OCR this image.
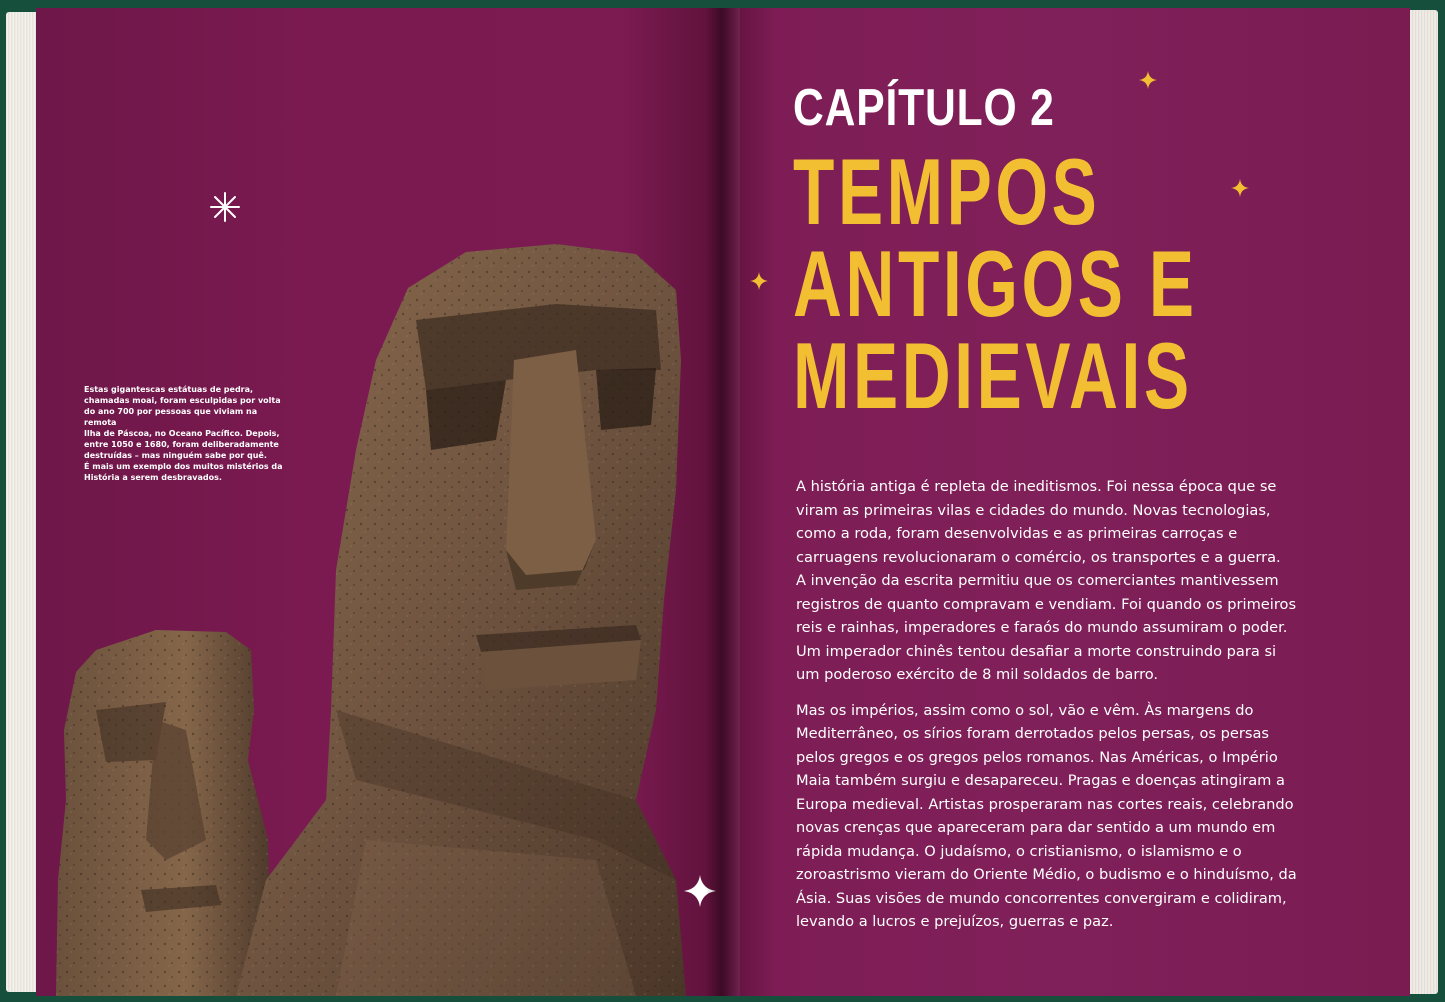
Estas gigantescas estátuas de pedra,
chamadas moai, foram esculpidas por volta
do ano 700 por pessoas que viviam na remota
Ilha de Páscoa, no Oceano Pacífico. Depois,
entre 1050 e 1680, foram deliberadamente
destruídas – mas ninguém sabe por quê.
É mais um exemplo dos muitos mistérios da
História a serem desbravados.
CAPÍTULO 2
TEMPOS
ANTIGOS E
MEDIEVAIS

A história antiga é repleta de ineditismos. Foi nessa época que se
viram as primeiras vilas e cidades do mundo. Novas tecnologias,
como a roda, foram desenvolvidas e as primeiras carroças e
carruagens revolucionaram o comércio, os transportes e a guerra.
A invenção da escrita permitiu que os comerciantes mantivessem
registros de quanto compravam e vendiam. Foi quando os primeiros
reis e rainhas, imperadores e faraós do mundo assumiram o poder.
Um imperador chinês tentou desafiar a morte construindo para si
um poderoso exército de 8 mil soldados de barro.

Mas os impérios, assim como o sol, vão e vêm. Às margens do
Mediterrâneo, os sírios foram derrotados pelos persas, os persas
pelos gregos e os gregos pelos romanos. Nas Américas, o Império
Maia também surgiu e desapareceu. Pragas e doenças atingiram a
Europa medieval. Artistas prosperaram nas cortes reais, celebrando
novas crenças que apareceram para dar sentido a um mundo em
rápida mudança. O judaísmo, o cristianismo, o islamismo e o
zoroastrismo vieram do Oriente Médio, o budismo e o hinduísmo, da
Ásia. Suas visões de mundo concorrentes convergiram e colidiram,
levando a lucros e prejuízos, guerras e paz.
